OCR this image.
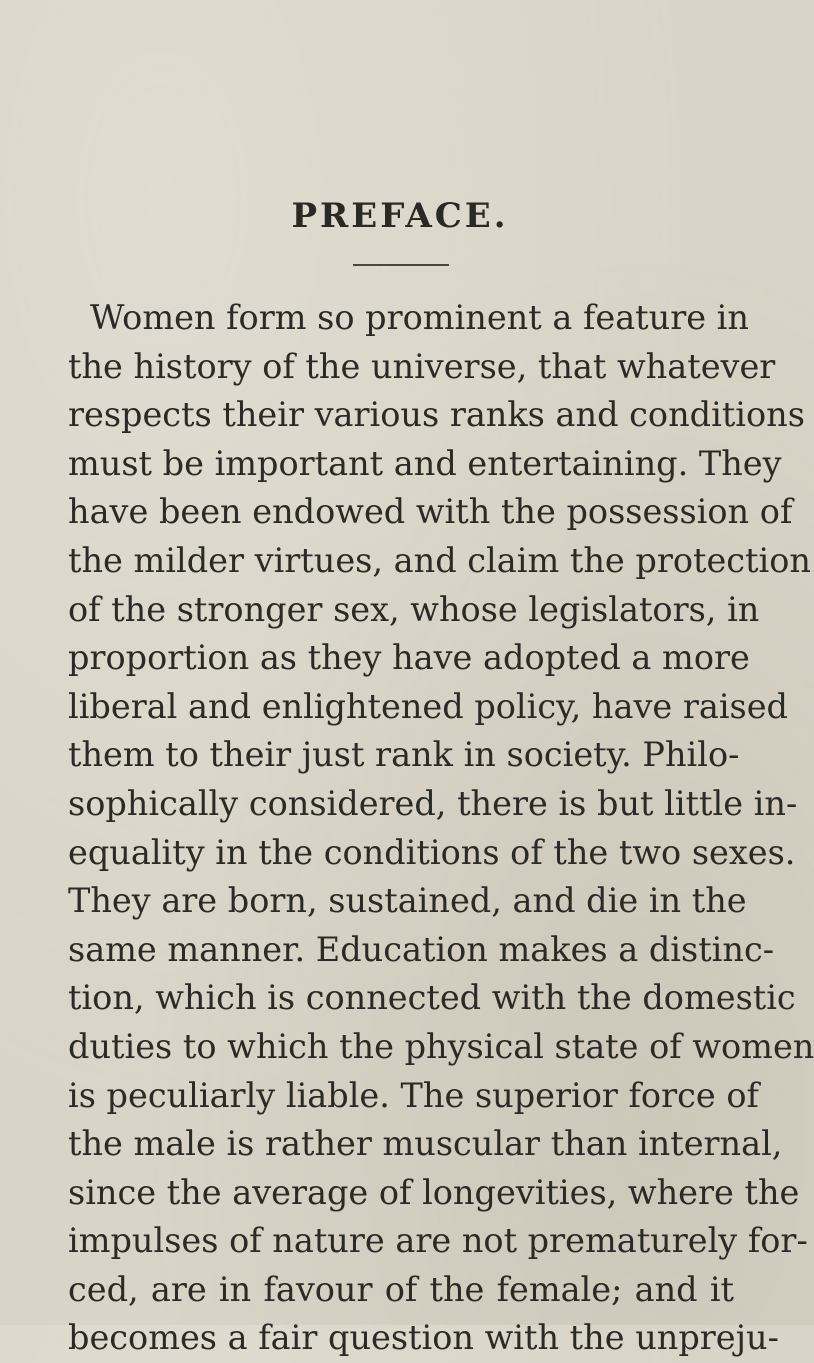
PREFACE.
Women form so prominent a feature in
the history of the universe, that whatever
respects their various ranks and conditions
must be important and entertaining. They
have been endowed with the possession of
the milder virtues, and claim the protection
of the stronger sex, whose legislators, in
proportion as they have adopted a more
liberal and enlightened policy, have raised
them to their just rank in society. Philo-
sophically considered, there is but little in-
equality in the conditions of the two sexes.
They are born, sustained, and die in the
same manner. Education makes a distinc-
tion, which is connected with the domestic
duties to which the physical state of women
is peculiarly liable. The superior force of
the male is rather muscular than internal,
since the average of longevities, where the
impulses of nature are not prematurely for-
ced, are in favour of the female; and it
becomes a fair question with the unpreju-
